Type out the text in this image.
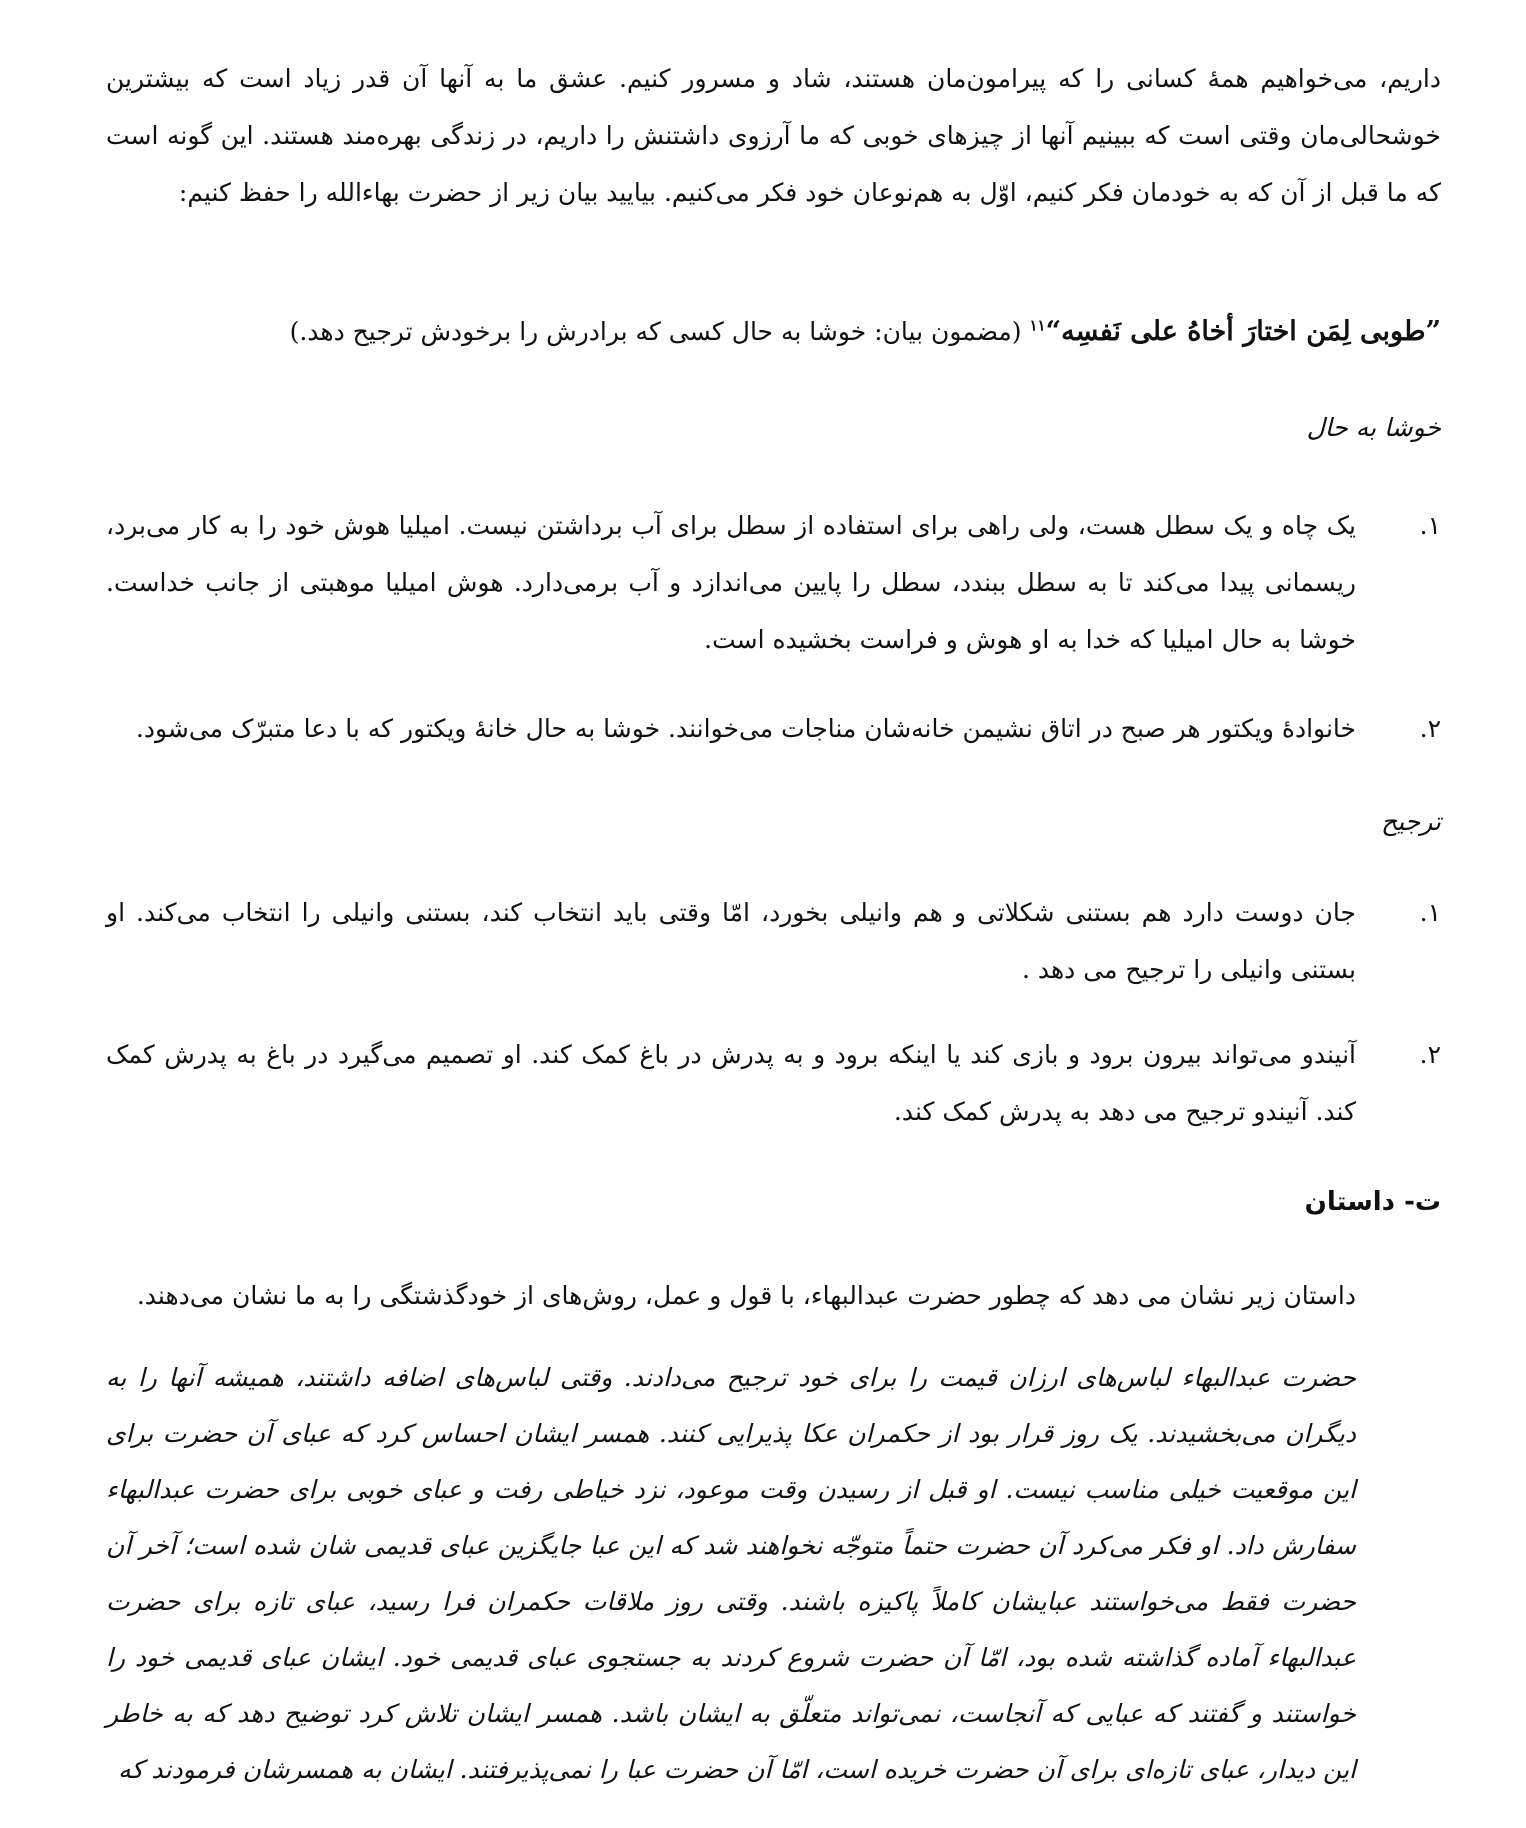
داریم، می‌خواهیم همهٔ کسانی را که پیرامون‌مان هستند، شاد و مسرور کنیم. عشق ما به آنها آن قدر زیاد است که بیشترین خوشحالی‌مان وقتی است که ببینیم آنها از چیزهای خوبی که ما آرزوی داشتنش را داریم، در زندگی بهره‌مند هستند. این گونه است که ما قبل از آن که به خودمان فکر کنیم، اوّل به هم‌نوعان خود فکر می‌کنیم. بیایید بیان زیر از حضرت بهاءالله را حفظ کنیم:

”طوبی لِمَن اختارَ أخاهُ علی نَفسِه“$^{۱۱}$ (مضمون بیان: خوشا به حال کسی که برادرش را برخودش ترجیح دهد.)

خوشا به حال
۱.
یک چاه و یک سطل هست، ولی راهی برای استفاده از سطل برای آب برداشتن نیست. امیلیا هوش خود را به کار می‌برد، ریسمانی پیدا می‌کند تا به سطل ببندد، سطل را پایین می‌اندازد و آب برمی‌دارد. هوش امیلیا موهبتی از جانب خداست. خوشا به حال امیلیا که خدا به او هوش و فراست بخشیده است.
۲.
خانوادهٔ ویکتور هر صبح در اتاق نشیمن خانه‌شان مناجات می‌خوانند. خوشا به حال خانهٔ ویکتور که با دعا متبرّک می‌شود.
ترجیح
۱.
جان دوست دارد هم بستنی شکلاتی و هم وانیلی بخورد، امّا وقتی باید انتخاب کند، بستنی وانیلی را انتخاب می‌کند. او بستنی وانیلی را ترجیح می‌ دهد .
۲.
آنیندو می‌تواند بیرون برود و بازی کند یا اینکه برود و به پدرش در باغ کمک کند. او تصمیم می‌گیرد در باغ به پدرش کمک کند. آنیندو ترجیح می‌ دهد به پدرش کمک کند.
ت- داستان

داستان زیر نشان می‌ دهد که چطور حضرت عبدالبهاء، با قول و عمل، روش‌های از خودگذشتگی را به ما نشان می‌دهند.

حضرت عبدالبهاء لباس‌های ارزان قیمت را برای خود ترجیح می‌دادند. وقتی لباس‌های اضافه داشتند، همیشه آنها را به دیگران می‌بخشیدند. یک روز قرار بود از حکمران عکا پذیرایی کنند. همسر ایشان احساس کرد که عبای آن حضرت برای این موقعیت خیلی مناسب نیست. او قبل از رسیدن وقت موعود، نزد خیاطی رفت و عبای خوبی برای حضرت عبدالبهاء سفارش داد. او فکر می‌کرد آن حضرت حتماً متوجّه نخواهند شد که این عبا جایگزین عبای قدیمی شان شده است؛ آخر آن حضرت فقط می‌خواستند عبایشان کاملاً پاکیزه باشند. وقتی روز ملاقات حکمران فرا رسید، عبای تازه برای حضرت عبدالبهاء آماده گذاشته شده بود، امّا آن حضرت شروع کردند به جستجوی عبای قدیمی خود. ایشان عبای قدیمی خود را خواستند و گفتند که عبایی که آنجاست، نمی‌تواند متعلّق به ایشان باشد. همسر ایشان تلاش کرد توضیح دهد که به خاطر این دیدار، عبای تازه‌ای برای آن حضرت خریده است، امّا آن حضرت عبا را نمی‌پذیرفتند. ایشان به همسرشان فرمودند که
